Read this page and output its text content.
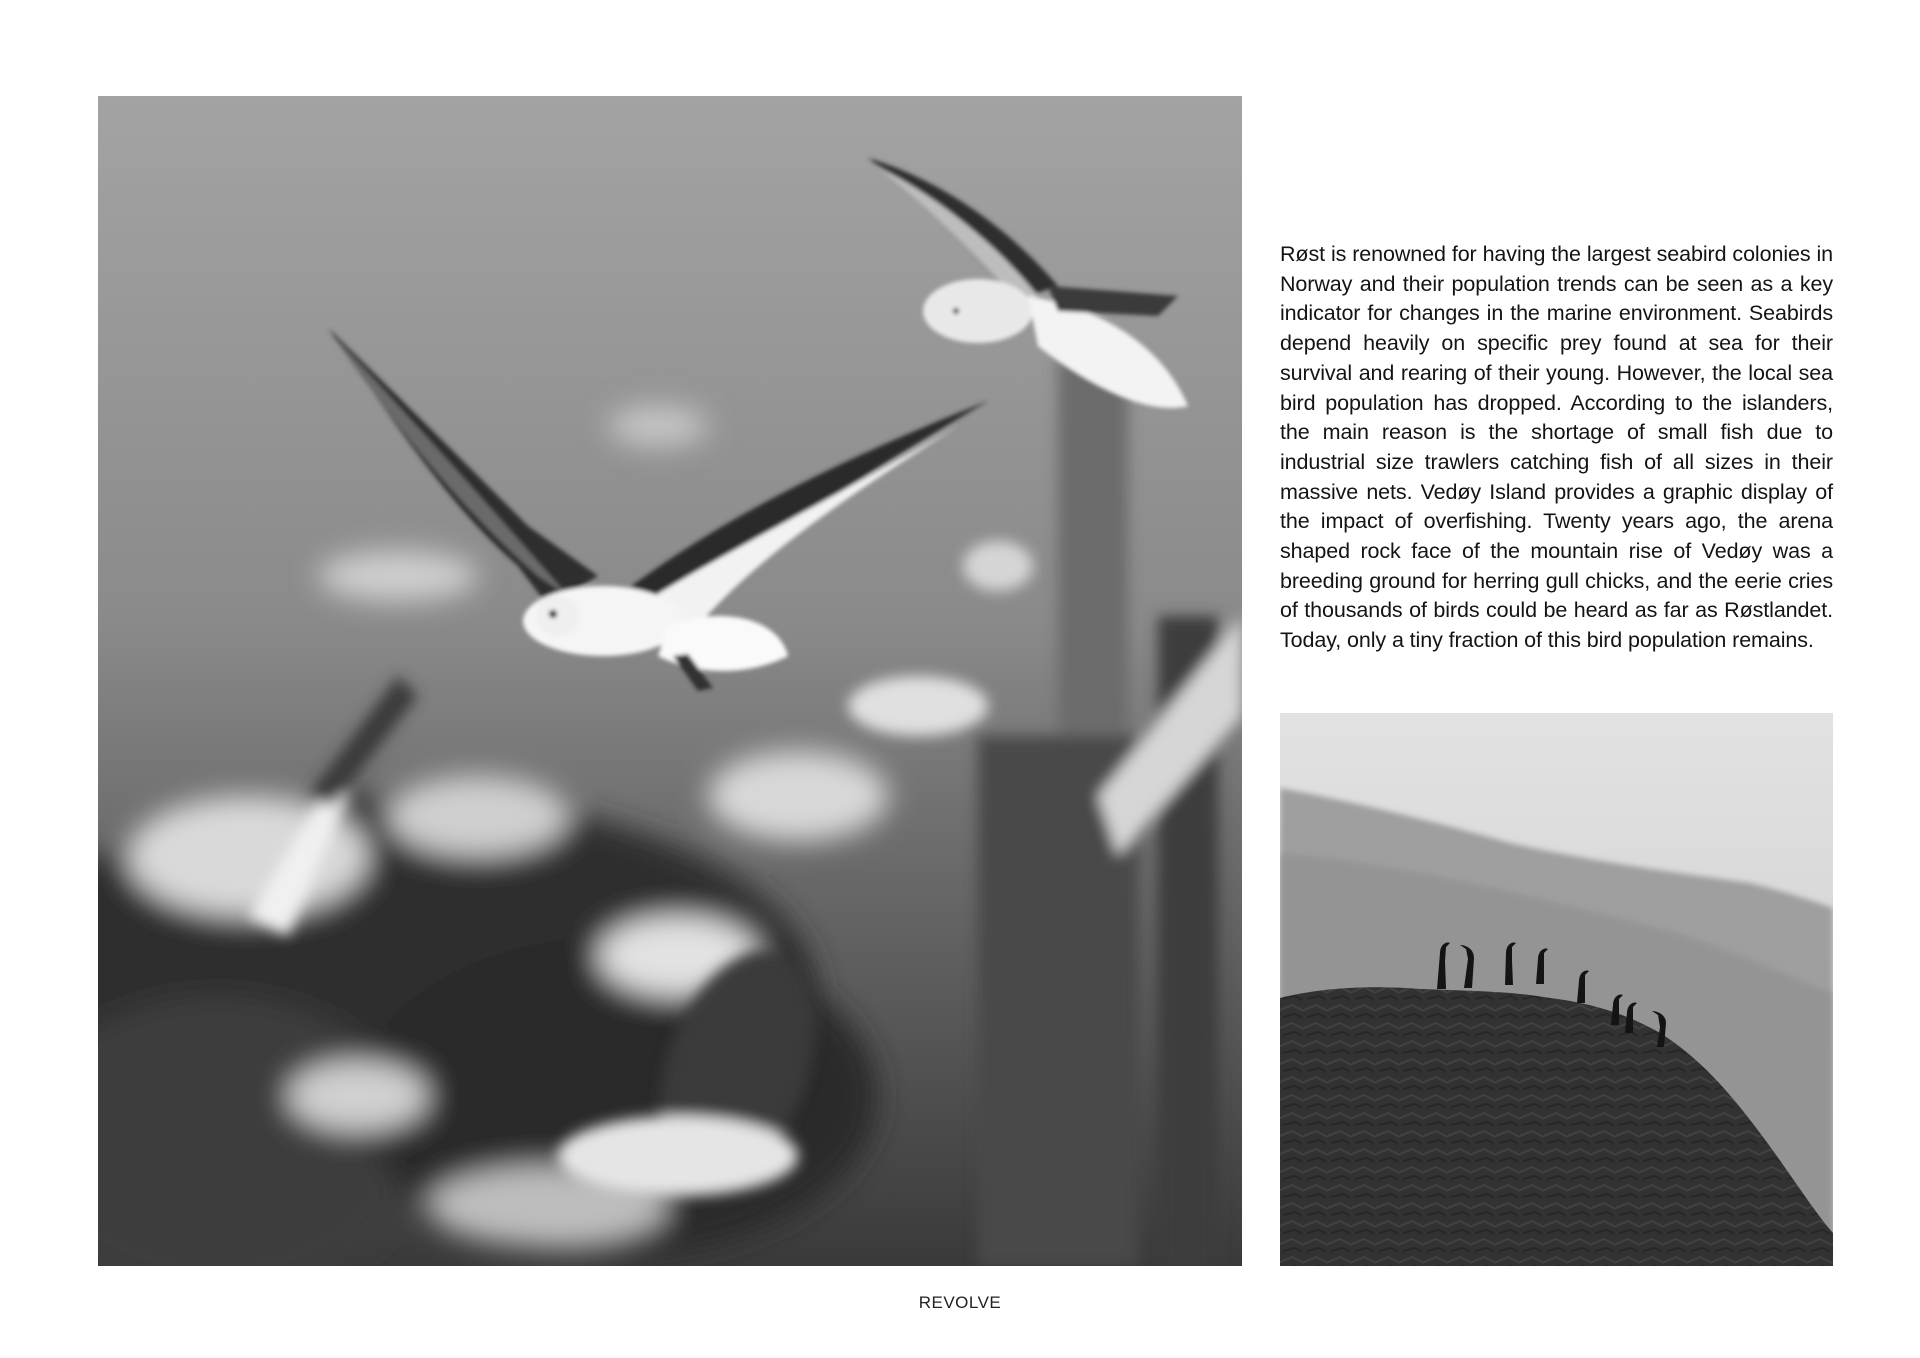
Røst is renowned for having the largest seabird colonies in Norway and their population trends can be seen as a key indicator for changes in the marine environment. Seabirds depend heavily on specific prey found at sea for their survival and rearing of their young. However, the local sea bird population has dropped. According to the islanders, the main reason is the shortage of small fish due to industrial size trawlers catching fish of all sizes in their massive nets. Vedøy Island provides a graphic display of the impact of overfishing. Twenty years ago, the arena shaped rock face of the mountain rise of Vedøy was a breeding ground for herring gull chicks, and the eerie cries of thousands of birds could be heard as far as Røstlandet. Today, only a tiny fraction of this bird population remains.

REVOLVE
